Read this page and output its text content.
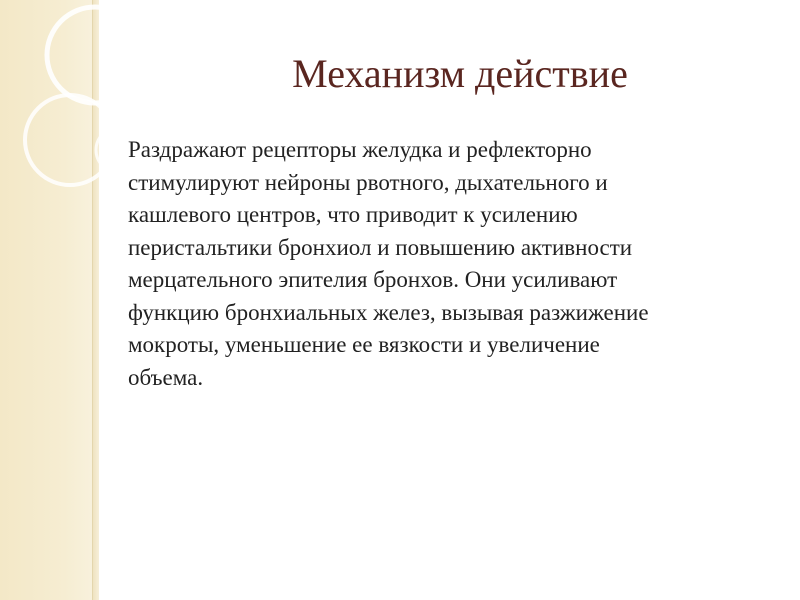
Механизм действие
Раздражают рецепторы желудка и рефлекторно
стимулируют нейроны рвотного, дыхательного и
кашлевого центров, что приводит к усилению
перистальтики бронхиол и повышению активности
мерцательного эпителия бронхов. Они усиливают
функцию бронхиальных желез, вызывая разжижение
мокроты, уменьшение ее вязкости и увеличение
объема.
